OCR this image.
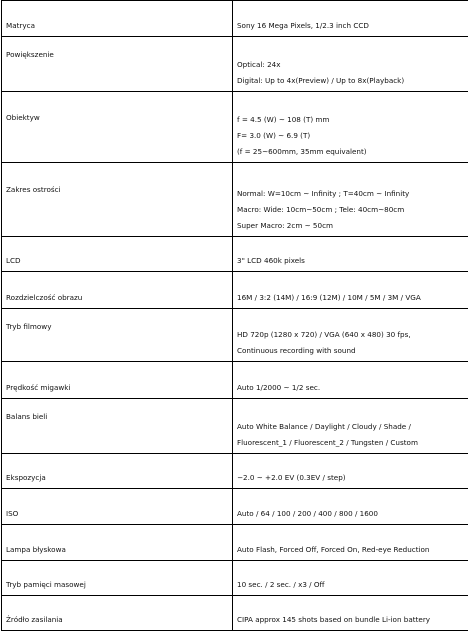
Matryca	Sony 16 Mega Pixels, 1/2.3 inch CCD

Powiększenie	Optical: 24x
Digital: Up to 4x(Preview) / Up to 8x(Playback)

Obiektyw	f = 4.5 (W) ~ 108 (T) mm
F= 3.0 (W) ~ 6.9 (T)
(f = 25~600mm, 35mm equivalent)

Zakres ostrości	Normal: W=10cm ~ Infinity ; T=40cm ~ Infinity
Macro: Wide: 10cm~50cm ; Tele: 40cm~80cm
Super Macro: 2cm ~ 50cm

LCD	3" LCD 460k pixels

Rozdzielczość obrazu	16M / 3:2 (14M) / 16:9 (12M) / 10M / 5M / 3M / VGA

Tryb filmowy	HD 720p (1280 x 720) / VGA (640 x 480) 30 fps,
Continuous recording with sound

Prędkość migawki	Auto 1/2000 ~ 1/2 sec.

Balans bieli	Auto White Balance / Daylight / Cloudy / Shade /
Fluorescent_1 / Fluorescent_2 / Tungsten / Custom

Ekspozycja	−2.0 ~ +2.0 EV (0.3EV / step)

ISO	Auto / 64 / 100 / 200 / 400 / 800 / 1600

Lampa błyskowa	Auto Flash, Forced Off, Forced On, Red-eye Reduction

Tryb pamięci masowej	10 sec. / 2 sec. / x3 / Off

Źródło zasilania	CIPA approx 145 shots based on bundle Li-ion battery
